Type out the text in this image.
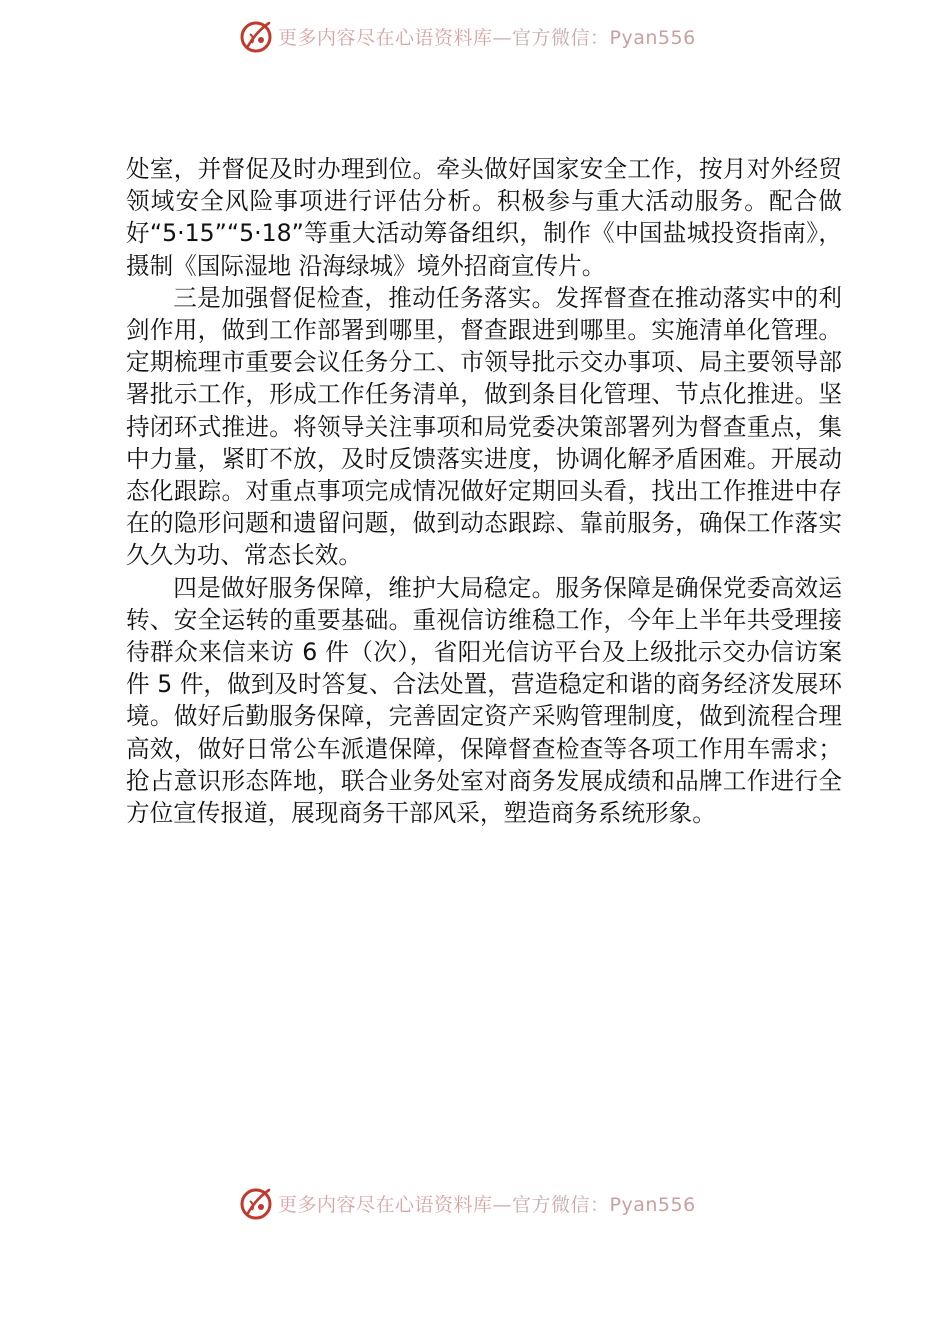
更多内容尽在心语资料库—官方微信：Pyan556

处室，并督促及时办理到位。牵头做好国家安全工作，按月对外经贸领域安全风险事项进行评估分析。积极参与重大活动服务。配合做好“5·15”“5·18”等重大活动筹备组织，制作《中国盐城投资指南》，摄制《国际湿地 沿海绿城》境外招商宣传片。

三是加强督促检查，推动任务落实。发挥督查在推动落实中的利剑作用，做到工作部署到哪里，督查跟进到哪里。实施清单化管理。定期梳理市重要会议任务分工、市领导批示交办事项、局主要领导部署批示工作，形成工作任务清单，做到条目化管理、节点化推进。坚持闭环式推进。将领导关注事项和局党委决策部署列为督查重点，集中力量，紧盯不放，及时反馈落实进度，协调化解矛盾困难。开展动态化跟踪。对重点事项完成情况做好定期回头看，找出工作推进中存在的隐形问题和遗留问题，做到动态跟踪、靠前服务，确保工作落实久久为功、常态长效。

四是做好服务保障，维护大局稳定。服务保障是确保党委高效运转、安全运转的重要基础。重视信访维稳工作，今年上半年共受理接待群众来信来访 6 件（次），省阳光信访平台及上级批示交办信访案件 5 件，做到及时答复、合法处置，营造稳定和谐的商务经济发展环境。做好后勤服务保障，完善固定资产采购管理制度，做到流程合理高效，做好日常公车派遣保障，保障督查检查等各项工作用车需求；抢占意识形态阵地，联合业务处室对商务发展成绩和品牌工作进行全方位宣传报道，展现商务干部风采，塑造商务系统形象。

更多内容尽在心语资料库—官方微信：Pyan556
